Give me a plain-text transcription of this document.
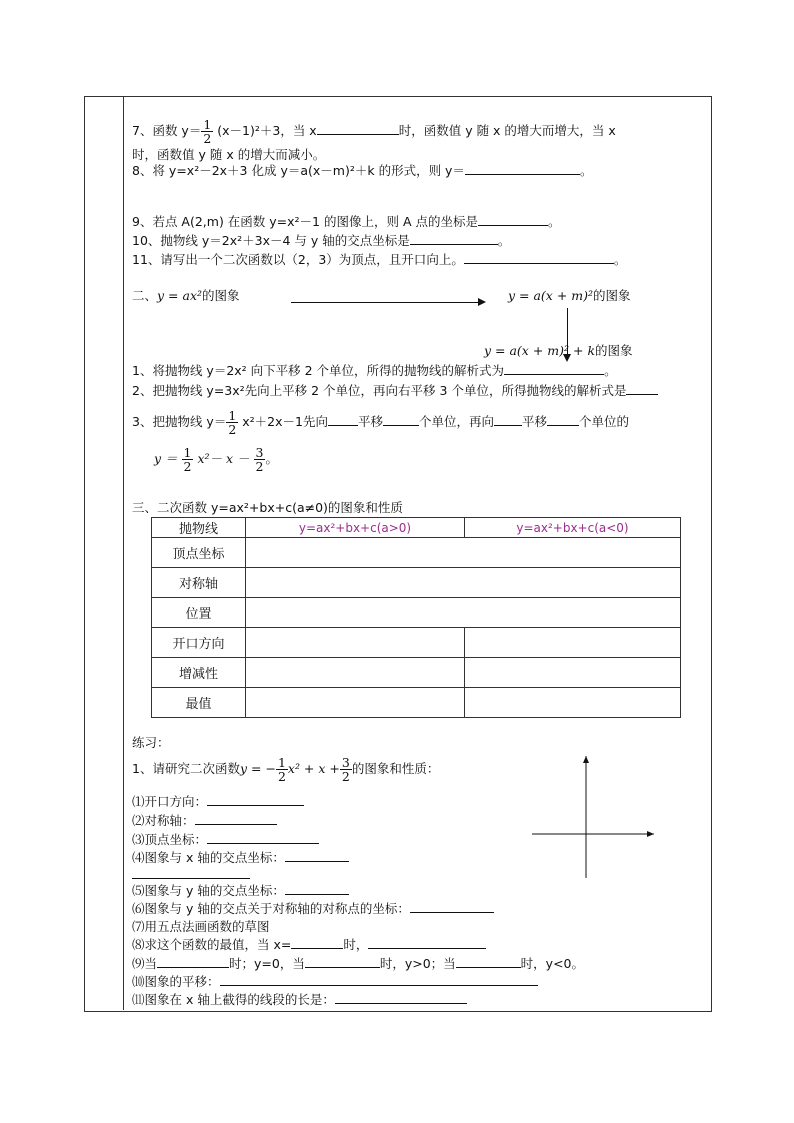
7、函数 $y= \frac{1}{2} (x-1)^2+3$，当 x	时，函数值 y 随 x 的增大而增大，当 x
时，函数值 y 随 x 的增大而减小。
8、将 y=x²－2x＋3 化成 y＝a(x－m)²＋k 的形式，则 y＝	。
9、若点 A(2,m) 在函数 y=x²－1 的图像上，则 A 点的坐标是	。
10、抛物线 y＝2x²＋3x－4 与 y 轴的交点坐标是	。
11、请写出一个二次函数以（2，3）为顶点，且开口向上。	。
二、y = ax²的图象	y = a(x + m)²的图象
y = a(x + m)² + k的图象
1、将抛物线 y＝2x² 向下平移 2 个单位，所得的抛物线的解析式为	。
2、把抛物线 y=3x²先向上平移 2 个单位，再向右平移 3 个单位，所得抛物线的解析式是
3、把抛物线 $y= \frac{1}{2} x^2+2x-1$先向 平移	个单位，再向 平移	个单位的
$y = \frac{1}{2} x^2- x - \frac{3}{2}$ 。
三、二次函数 y=ax²+bx+c(a≠0)的图象和性质
抛物线	y=ax²+bx+c(a>0)	y=ax²+bx+c(a<0)
顶点坐标		
对称轴		
位置		
开口方向		
增减性		
最值		
练习：
1、请研究二次函数y = − $\frac{1}{2} x^2 + x + \frac{3}{2}$ 的图象和性质：
⑴开口方向：
⑵对称轴：
⑶顶点坐标：
⑷图象与 x 轴的交点坐标：
⑸图象与 y 轴的交点坐标：
⑹图象与 y 轴的交点关于对称轴的对称点的坐标：
⑺用五点法画函数的草图
⑻求这个函数的最值，当 x=	时，
⑼当	时；y=0，当	时，y>0；当	时，y<0。
⑽图象的平移：
⑾图象在 x 轴上截得的线段的长是：
